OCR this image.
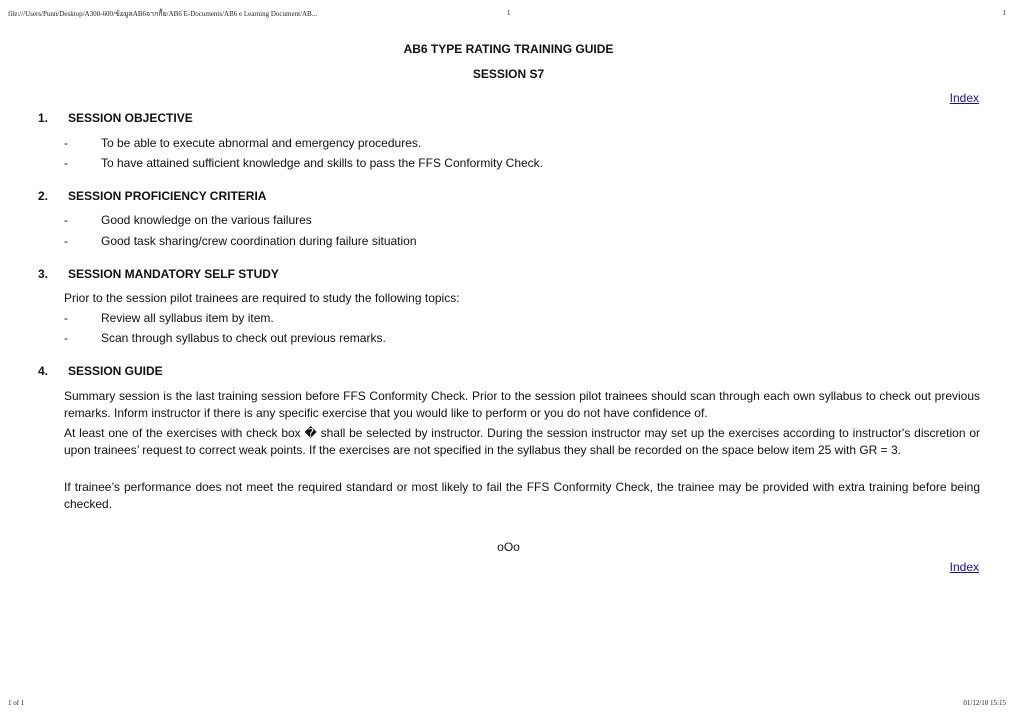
file:///Users/Punn/Desktop/A300-600/ข้อมูลAB6จากกื้ย/AB6 E-Documents/AB6 e Learning Document/AB...	1	1
AB6 TYPE RATING TRAINING GUIDE
SESSION S7
Index
1. SESSION OBJECTIVE
-	To be able to execute abnormal and emergency procedures.
-	To have attained sufficient knowledge and skills to pass the FFS Conformity Check.
2. SESSION PROFICIENCY CRITERIA
-	Good knowledge on the various failures
-	Good task sharing/crew coordination during failure situation
3. SESSION MANDATORY SELF STUDY
Prior to the session pilot trainees are required to study the following topics:
-	Review all syllabus item by item.
-	Scan through syllabus to check out previous remarks.
4. SESSION GUIDE
Summary session is the last training session before FFS Conformity Check. Prior to the session pilot trainees should scan through each own syllabus to check out previous remarks. Inform instructor if there is any specific exercise that you would like to perform or you do not have confidence of.
At least one of the exercises with check box � shall be selected by instructor. During the session instructor may set up the exercises according to instructor's discretion or upon trainees’ request to correct weak points. If the exercises are not specified in the syllabus they shall be recorded on the space below item 25 with GR = 3.
If trainee’s performance does not meet the required standard or most likely to fail the FFS Conformity Check, the trainee may be provided with extra training before being checked.
oOo
Index
1 of 1	01/12/10 15:15
